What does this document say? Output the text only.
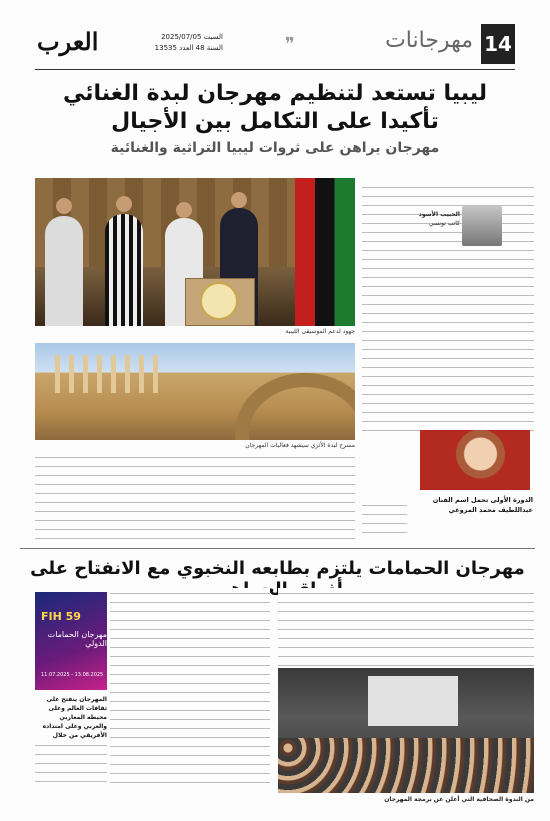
العرب	السبت 2025/07/05
السنة 48 العدد 13535	❞	مهرجانات 14
ليبيا تستعد لتنظيم مهرجان لبدة الغنائي
تأكيدا على التكامل بين الأجيال
مهرجان يراهن على ثروات ليبيا التراثية والغنائية
جهود لدعم الموسيقى الليبية
مسرح لبدة الأثري سيشهد فعاليات المهرجان
الحبيب الأسود
كاتب تونسي
الدورة الأولى تحمل اسم الفنان عبداللطيف محمد المزوغي
مهرجان الحمامات يلتزم بطابعه النخبوي مع الانفتاح على
FIH 59
مهرجان الحمامات الدولي
11.07.2025 - 13.08.2025
المهرجان ينفتح على ثقافات العالم وعلى محيطه المغاربي والعربي وعلى امتداده الأفريقي من خلال
من الندوة الصحافية التي أعلن عن برمجة المهرجان
